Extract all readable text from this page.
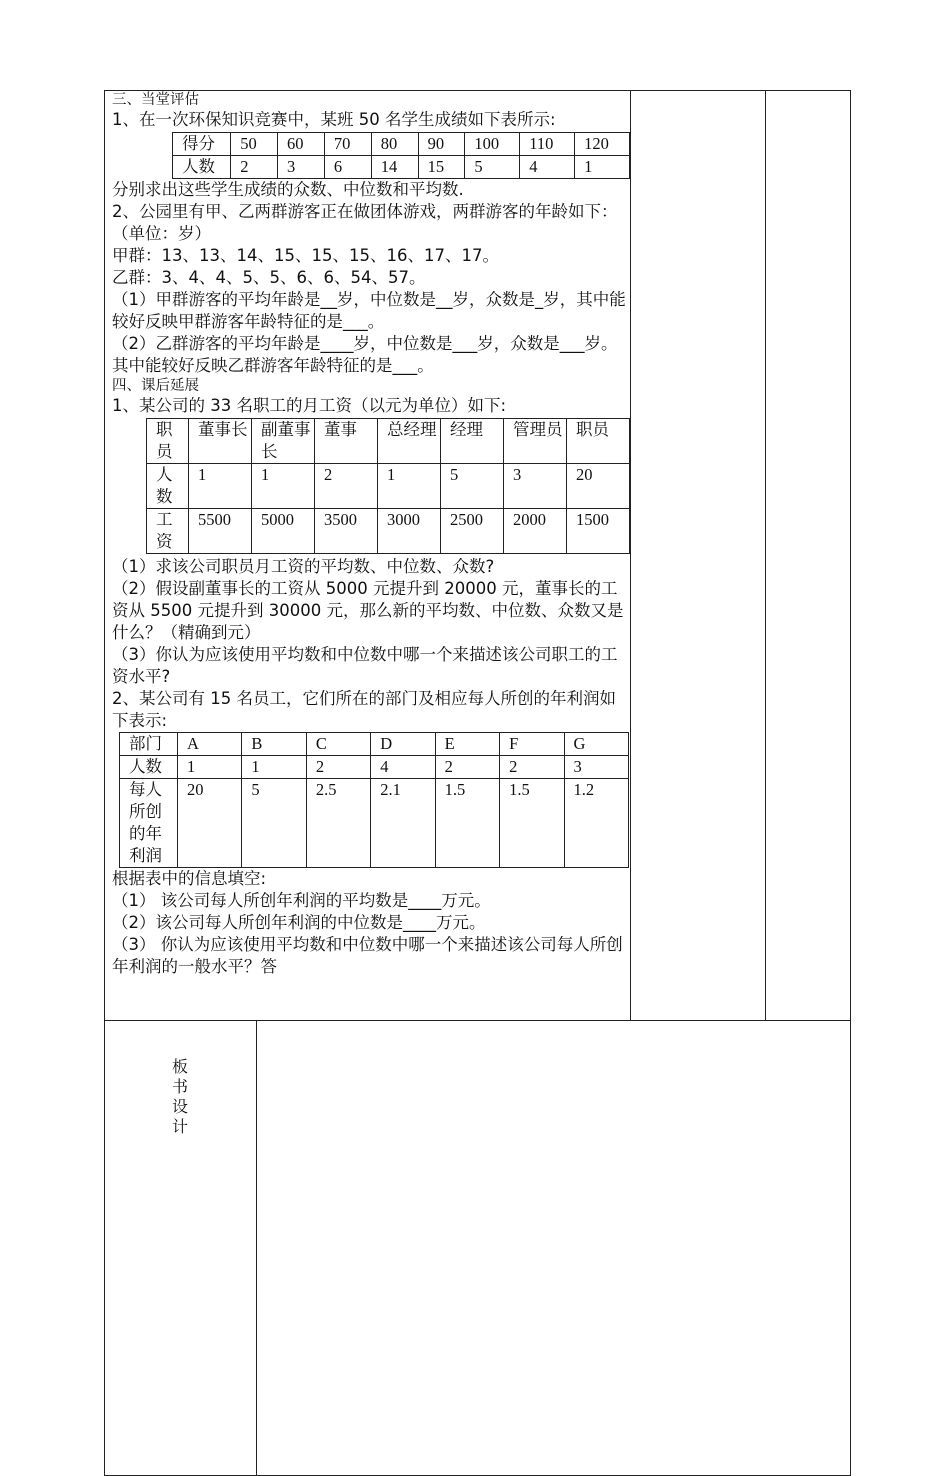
三、当堂评估

1、在一次环保知识竞赛中，某班 50 名学生成绩如下表所示:

得分	50	60	70	80	90	100	110	120
人数	2	3	6	14	15	5	4	1

分别求出这些学生成绩的众数、中位数和平均数.

2、公园里有甲、乙两群游客正在做团体游戏，两群游客的年龄如下：（单位：岁）

甲群：13、13、14、15、15、15、16、17、17。

乙群：3、4、4、5、5、6、6、54、57。

（1）甲群游客的平均年龄是__岁，中位数是__岁，众数是_岁，其中能较好反映甲群游客年龄特征的是___。

（2）乙群游客的平均年龄是____岁，中位数是___岁，众数是___岁。其中能较好反映乙群游客年龄特征的是___。

四、课后延展

1、某公司的 33 名职工的月工资（以元为单位）如下:

职员	董事长	副董事长	董事	总经理	经理	管理员	职员
人数	1	1	2	1	5	3	20
工资	5500	5000	3500	3000	2500	2000	1500

（1）求该公司职员月工资的平均数、中位数、众数?

（2）假设副董事长的工资从 5000 元提升到 20000 元，董事长的工资从 5500 元提升到 30000 元，那么新的平均数、中位数、众数又是什么？（精确到元）

（3）你认为应该使用平均数和中位数中哪一个来描述该公司职工的工资水平?

2、某公司有 15 名员工，它们所在的部门及相应每人所创的年利润如下表示:

部门	A	B	C	D	E	F	G
人数	1	1	2	4	2	2	3
每人所创的年利润	20	5	2.5	2.1	1.5	1.5	1.2

根据表中的信息填空:

（1） 该公司每人所创年利润的平均数是____万元。

（2）该公司每人所创年利润的中位数是____万元。

（3） 你认为应该使用平均数和中位数中哪一个来描述该公司每人所创年利润的一般水平？答

板书设计
